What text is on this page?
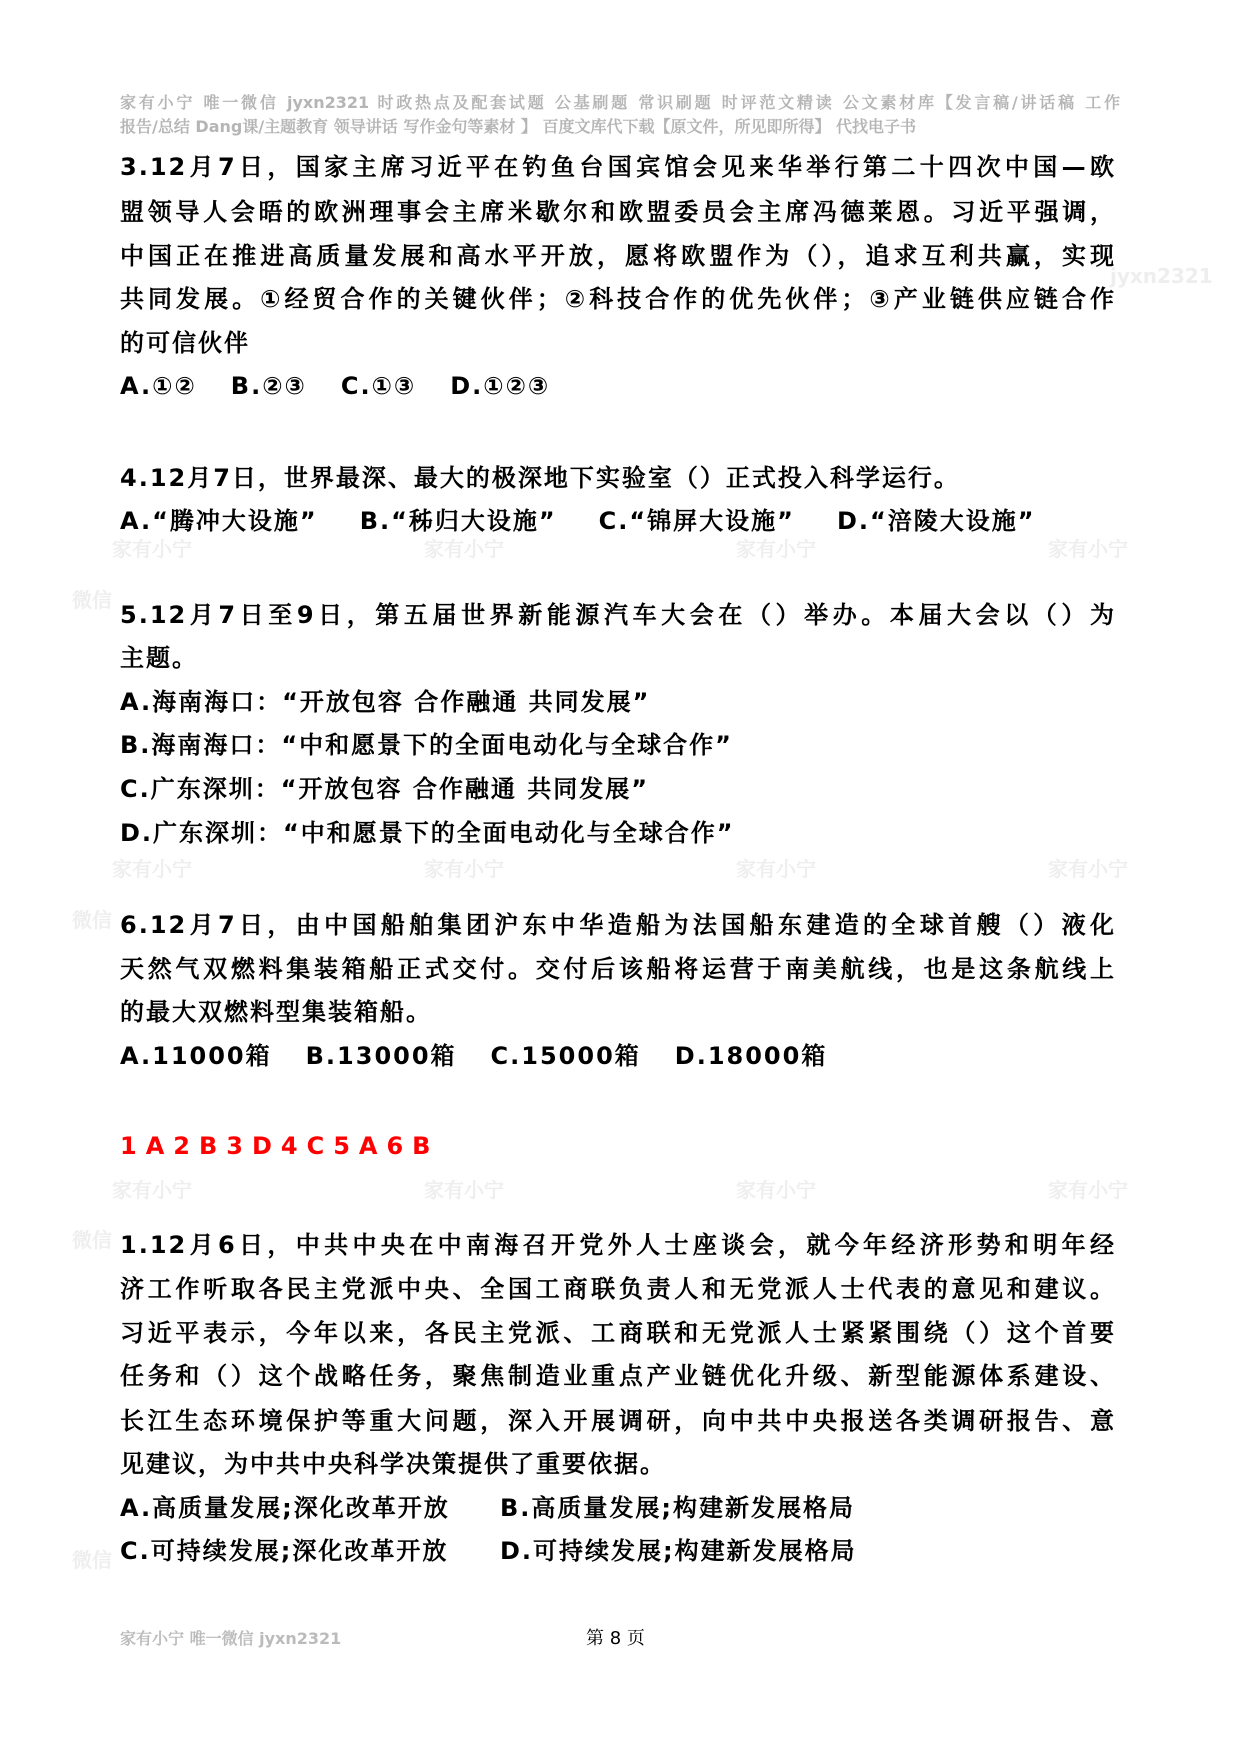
家有小宁	家有小宁	家有小宁	家有小宁
微信
家有小宁	家有小宁	家有小宁	家有小宁
微信
家有小宁	家有小宁	家有小宁	家有小宁
微信
微信
jyxn2321
家有小宁 唯一微信 jyxn2321 时政热点及配套试题 公基刷题 常识刷题 时评范文精读 公文素材库【发言稿/讲话稿 工作
报告/总结 Dang课/主题教育 领导讲话 写作金句等素材 】 百度文库代下载【原文件，所见即所得】 代找电子书
3.12月7日，国家主席习近平在钓鱼台国宾馆会见来华举行第二十四次中国—欧
盟领导人会晤的欧洲理事会主席米歇尔和欧盟委员会主席冯德莱恩。习近平强调，
中国正在推进高质量发展和高水平开放，愿将欧盟作为（），追求互利共赢，实现
共同发展。①经贸合作的关键伙伴；②科技合作的优先伙伴；③产业链供应链合作
的可信伙伴
A.①② B.②③ C.①③ D.①②③
4.12月7日，世界最深、最大的极深地下实验室（）正式投入科学运行。
A.“腾冲大设施” B.“秭归大设施” C.“锦屏大设施” D.“涪陵大设施”
5.12月7日至9日，第五届世界新能源汽车大会在（）举办。本届大会以（）为
主题。
A.海南海口：“开放包容 合作融通 共同发展”
B.海南海口：“中和愿景下的全面电动化与全球合作”
C.广东深圳：“开放包容 合作融通 共同发展”
D.广东深圳：“中和愿景下的全面电动化与全球合作”
6.12月7日，由中国船舶集团沪东中华造船为法国船东建造的全球首艘（）液化
天然气双燃料集装箱船正式交付。交付后该船将运营于南美航线，也是这条航线上
的最大双燃料型集装箱船。
A.11000箱 B.13000箱 C.15000箱 D.18000箱
1A2B3D4C5A6B
1.12月6日，中共中央在中南海召开党外人士座谈会，就今年经济形势和明年经
济工作听取各民主党派中央、全国工商联负责人和无党派人士代表的意见和建议。
习近平表示，今年以来，各民主党派、工商联和无党派人士紧紧围绕（）这个首要
任务和（）这个战略任务，聚焦制造业重点产业链优化升级、新型能源体系建设、
长江生态环境保护等重大问题，深入开展调研，向中共中央报送各类调研报告、意
见建议，为中共中央科学决策提供了重要依据。
A.高质量发展;深化改革开放 B.高质量发展;构建新发展格局
C.可持续发展;深化改革开放 D.可持续发展;构建新发展格局
家有小宁 唯一微信 jyxn2321	第 8 页
